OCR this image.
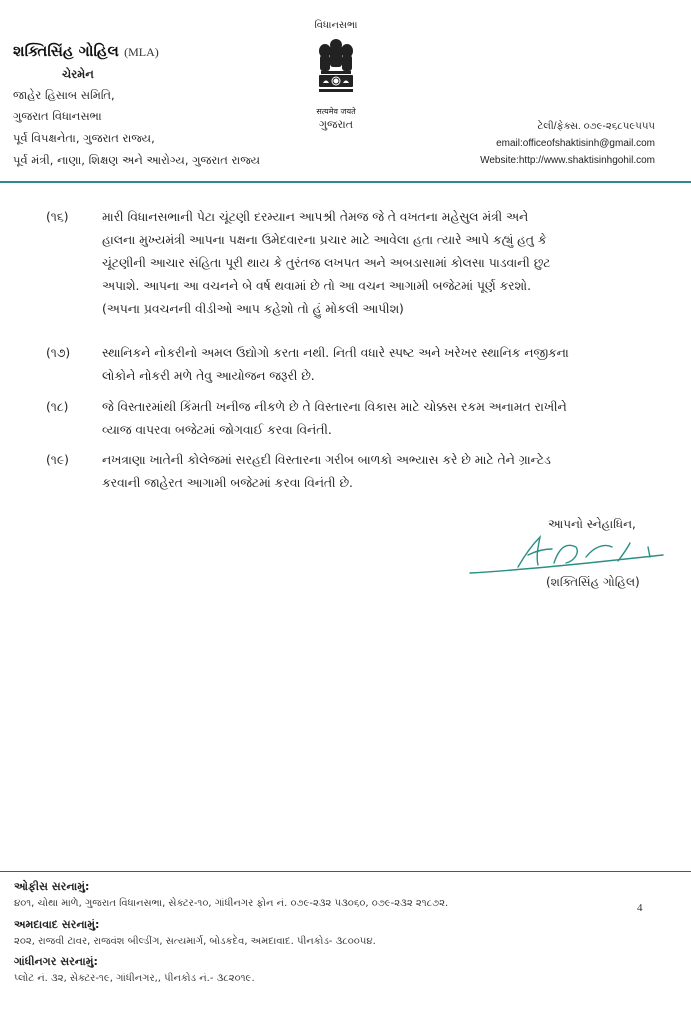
શક્તિસિંહ ગોહિલ (MLA)
ચેરમેન
જાહેર હિસાબ સમિતિ,
ગુજરાત વિધાનસભા
પૂર્વ વિપક્ષનેતા, ગુજરાત રાજ્ય,
પૂર્વ મંત્રી, નાણા, શિક્ષણ અને આરોગ્ય, ગુજરાત રાજ્ય
વિધાનસભા
सत्यमेव जयते
ગુજરાત	ટેલી/ફેક્સ. ૦૭૯-૨૬૮૫૯૫૫૫
email:officeofshaktisinh@gmail.com
Website:http://www.shaktisinhgohil.com
(૧૬)	મારી વિધાનસભાની પેટા ચૂંટણી દરમ્યાન આપશ્રી તેમજ જે તે વખતના મહેસુલ મંત્રી અને
હાલના મુખ્યમંત્રી આપના પક્ષના ઉમેદવારના પ્રચાર માટે આવેલા હતા ત્યારે આપે કહ્યું હતુ કે
ચૂંટણીની આચાર સંહિતા પૂરી થાય કે તુરંતજ લખપત અને અબડાસામાં કોલસા પાડવાની છુટ
અપાશે. આપના આ વચનને બે વર્ષ થવામાં છે તો આ વચન આગામી બજેટમાં પૂર્ણ કરશો.
(અપના પ્રવચનની વીડીઓ આપ કહેશો તો હું મોકલી આપીશ)
(૧૭)	સ્થાનિકને નોકરીનો અમલ ઉદ્યોગો કરતા નથી. નિતી વધારે સ્પષ્ટ અને ખરેખર સ્થાનિક નજીકના
લોકોને નોકરી મળે તેવુ આયોજન જરૂરી છે.
(૧૮)	જે વિસ્તારમાંથી કિંમતી ખનીજ નીકળે છે તે વિસ્તારના વિકાસ માટે ચોક્કસ રકમ અનામત રાખીને
વ્યાજ વાપરવા બજેટમાં જોગવાઈ કરવા વિનંતી.
(૧૯)	નખત્રાણા ખાતેની કોલેજમાં સરહદી વિસ્તારના ગરીબ બાળકો અભ્યાસ કરે છે માટે તેને ગ્રાન્ટેડ
કરવાની જાહેરત આગામી બજેટમાં કરવા વિનંતી છે.
આપનો સ્નેહાધિન,
(શક્તિસિંહ ગોહિલ)
ઓફીસ સરનામું:
૪૦૧, ચોથા માળે, ગુજરાત વિધાનસભા, સેક્ટર-૧૦, ગાંધીનગર ફોન નં. ૦૭૯-૨૩૨ ૫૩૦૬૦, ૦૭૯-૨૩૨ ૨૧૮૭૨.
અમદાવાદ સરનામું:
૨૦૨, રાજવી ટાવર, રાજવંશ બીલ્ડીંગ, સત્યમાર્ગ, બોડકદેવ, અમદાવાદ. પીનકોડ- ૩૮૦૦૫૪.
ગાંધીનગર સરનામું:
પ્લોટ નં. ૩૨, સેક્ટર-૧૯, ગાંધીનગર,, પીનકોડ નં.- ૩૮૨૦૧૯.
4
